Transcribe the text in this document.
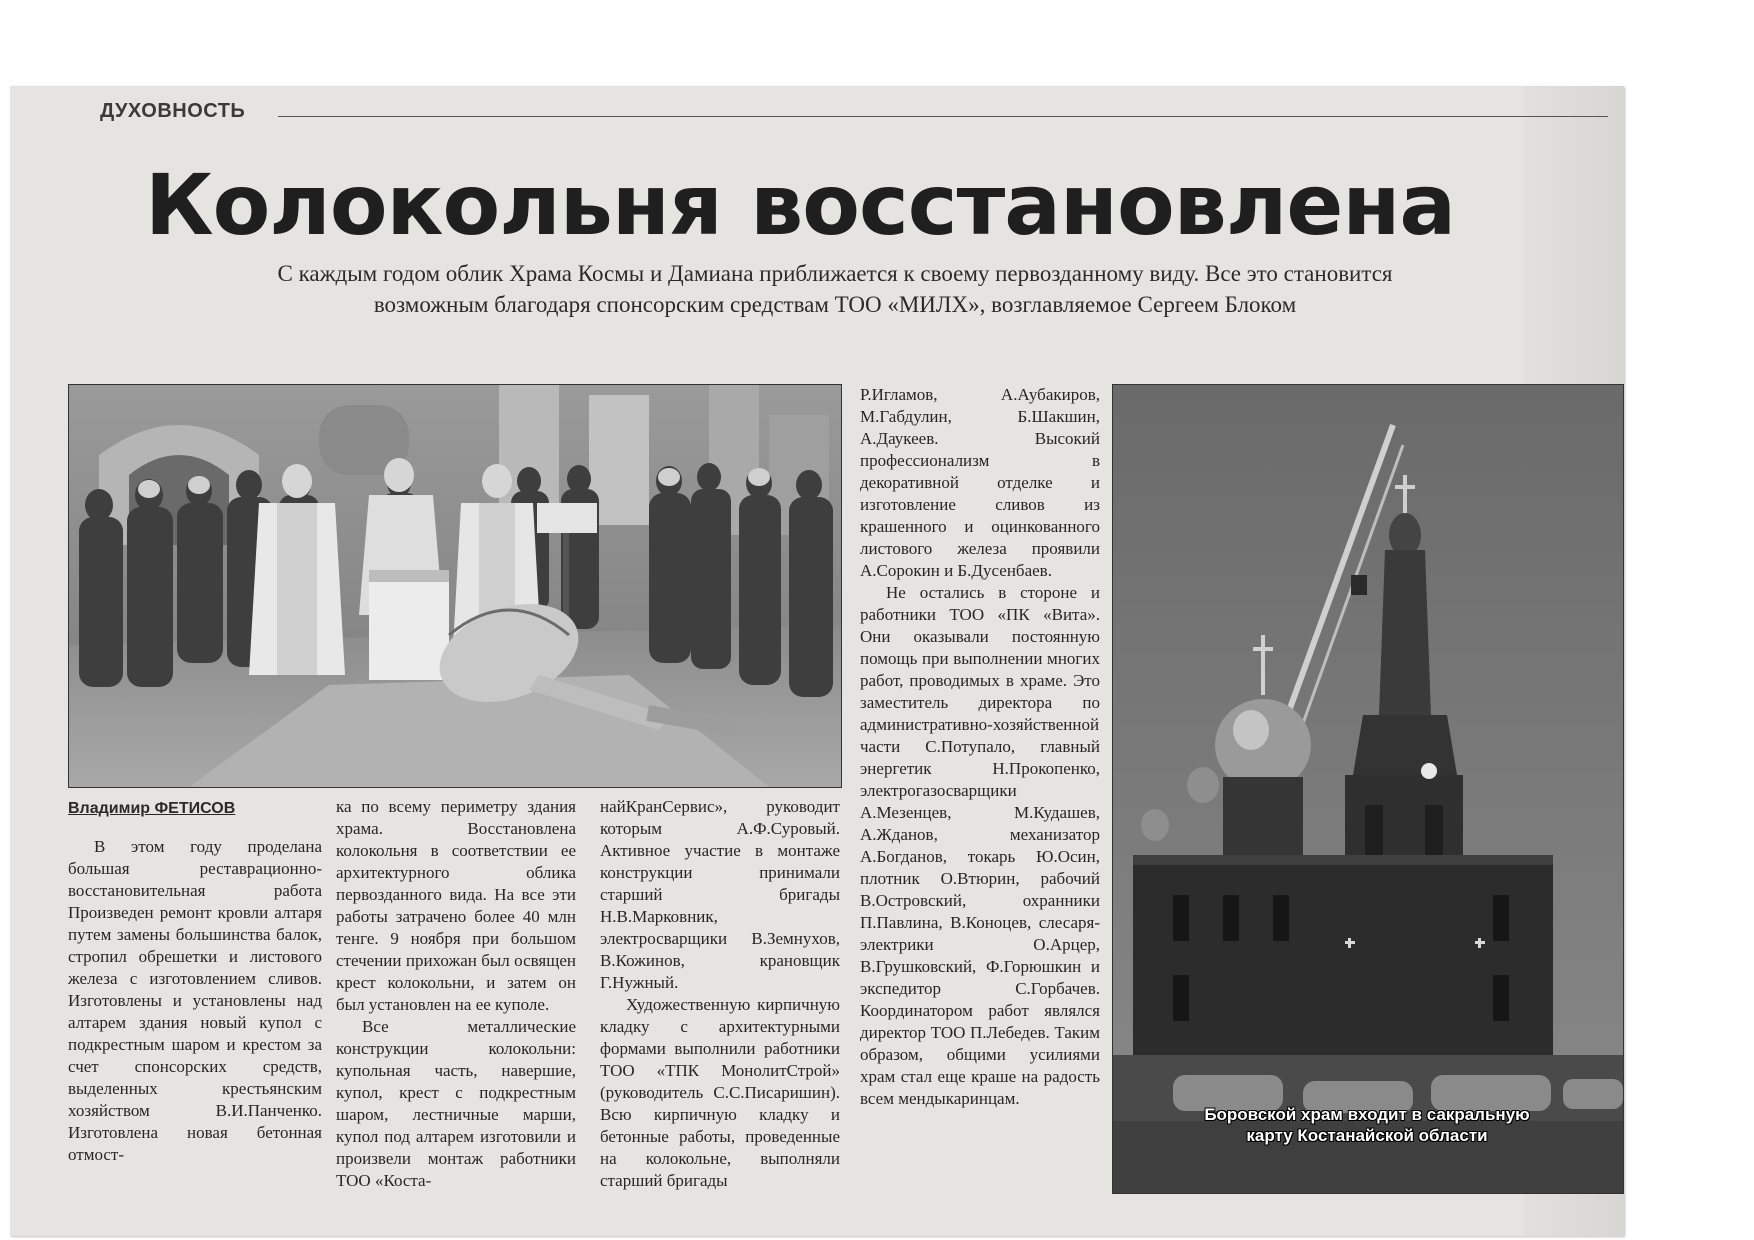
ДУХОВНОСТЬ
Колокольня восстановлена
С каждым годом облик Храма Космы и Дамиана приближается к своему первозданному виду. Все это становится
возможным благодаря спонсорским средствам ТОО «МИЛХ», возглавляемое Сергеем Блоком
Владимир ФЕТИСОВ

В этом году проделана большая реставрационно-восстановительная работа Произведен ремонт кровли алтаря путем замены большинства балок, стропил обрешетки и листового железа с изготовлением сливов. Изготовлены и установлены над алтарем здания новый купол с подкрестным шаром и крестом за счет спонсорских средств, выделенных крестьянским хозяйством В.И.Панченко. Изготовлена новая бетонная отмост-

ка по всему периметру здания храма. Восстановлена колокольня в соответствии ее архитектурного облика первозданного вида. На все эти работы затрачено более 40 млн тенге. 9 ноября при большом стечении прихожан был освящен крест колокольни, и затем он был установлен на ее куполе.

Все металлические конструкции колокольни: купольная часть, навершие, купол, крест с подкрестным шаром, лестничные марши, купол под алтарем изготовили и произвели монтаж работники ТОО «Коста-

найКранСервис», руководит которым А.Ф.Суровый. Активное участие в монтаже конструкции принимали старший бригады Н.В.Марковник, электросварщики В.Земнухов, В.Кожинов, крановщик Г.Нужный.

Художественную кирпичную кладку с архитектурными формами выполнили работники ТОО «ТПК МонолитСтрой» (руководитель С.С.Писаришин). Всю кирпичную кладку и бетонные работы, проведенные на колокольне, выполняли старший бригады

Р.Игламов, А.Аубакиров, М.Габдулин, Б.Шакшин, А.Даукеев. Высокий профессионализм в декоративной отделке и изготовление сливов из крашенного и оцинкованного листового железа проявили А.Сорокин и Б.Дусенбаев.

Не остались в стороне и работники ТОО «ПК «Вита». Они оказывали постоянную помощь при выполнении многих работ, проводимых в храме. Это заместитель директора по административно-хозяйственной части С.Потупало, главный энергетик Н.Прокопенко, электрогазосварщики А.Мезенцев, М.Кудашев, А.Жданов, механизатор А.Богданов, токарь Ю.Осин, плотник О.Втюрин, рабочий В.Островский, охранники П.Павлина, В.Коноцев, слесаря-электрики О.Арцер, В.Грушковский, Ф.Горюшкин и экспедитор С.Горбачев. Координатором работ являлся директор ТОО П.Лебедев. Таким образом, общими усилиями храм стал еще краше на радость всем мендыкаринцам.

Боровской храм входит в сакральную
карту Костанайской области
